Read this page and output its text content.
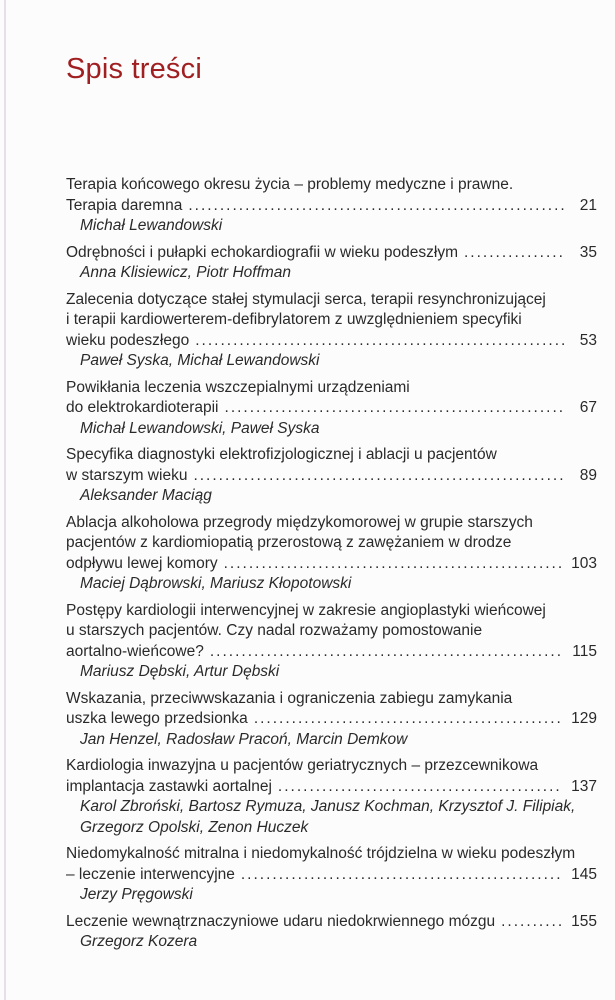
Spis treści
Terapia końcowego okresu życia – problemy medyczne i prawne.
Terapia daremna .....	21
Michał Lewandowski
Odrębności i pułapki echokardiografii w wieku podeszłym .....	35
Anna Klisiewicz, Piotr Hoffman
Zalecenia dotyczące stałej stymulacji serca, terapii resynchronizującej
i terapii kardiowerterem-defibrylatorem z uwzględnieniem specyfiki
wieku podeszłego .....	53
Paweł Syska, Michał Lewandowski
Powikłania leczenia wszczepialnymi urządzeniami
do elektrokardioterapii .....	67
Michał Lewandowski, Paweł Syska
Specyfika diagnostyki elektrofizjologicznej i ablacji u pacjentów
w starszym wieku .....	89
Aleksander Maciąg
Ablacja alkoholowa przegrody międzykomorowej w grupie starszych
pacjentów z kardiomiopatią przerostową z zawężaniem w drodze
odpływu lewej komory .....	103
Maciej Dąbrowski, Mariusz Kłopotowski
Postępy kardiologii interwencyjnej w zakresie angioplastyki wieńcowej
u starszych pacjentów. Czy nadal rozważamy pomostowanie
aortalno-wieńcowe? .....	115
Mariusz Dębski, Artur Dębski
Wskazania, przeciwwskazania i ograniczenia zabiegu zamykania
uszka lewego przedsionka .....	129
Jan Henzel, Radosław Pracoń, Marcin Demkow
Kardiologia inwazyjna u pacjentów geriatrycznych – przezcewnikowa
implantacja zastawki aortalnej .....	137
Karol Zbroński, Bartosz Rymuza, Janusz Kochman, Krzysztof J. Filipiak,
Grzegorz Opolski, Zenon Huczek
Niedomykalność mitralna i niedomykalność trójdzielna w wieku podeszłym
– leczenie interwencyjne .....	145
Jerzy Pręgowski
Leczenie wewnątrznaczyniowe udaru niedokrwiennego mózgu .....	155
Grzegorz Kozera
